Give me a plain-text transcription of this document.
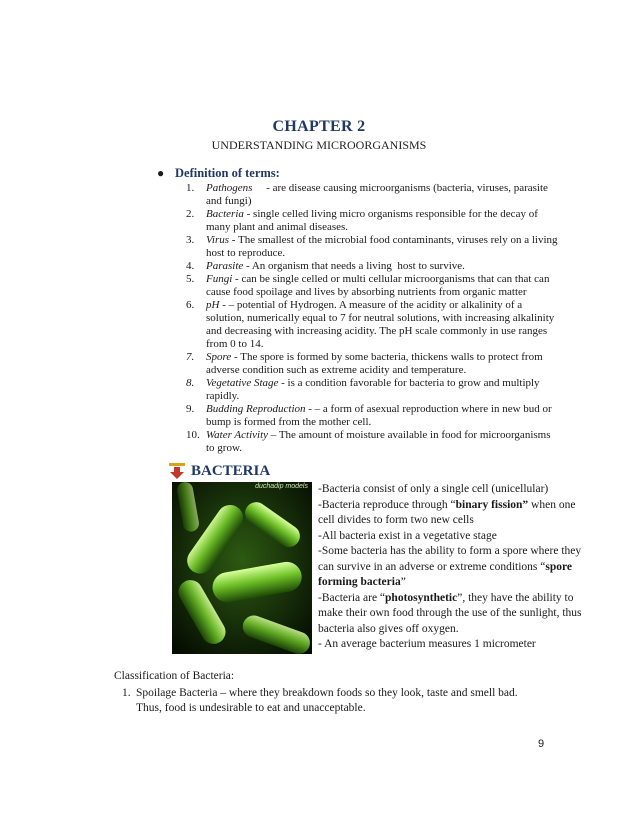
CHAPTER 2
UNDERSTANDING MICROORGANISMS
● Definition of terms:
1. Pathogens     - are disease causing microorganisms (bacteria, viruses, parasite and fungi)
2. Bacteria - single celled living micro organisms responsible for the decay of many plant and animal diseases.
3. Virus - The smallest of the microbial food contaminants, viruses rely on a living host to reproduce.
4. Parasite - An organism that needs a living  host to survive.
5. Fungi - can be single celled or multi cellular microorganisms that can that can cause food spoilage and lives by absorbing nutrients from organic matter
6. pH - – potential of Hydrogen. A measure of the acidity or alkalinity of a solution, numerically equal to 7 for neutral solutions, with increasing alkalinity and decreasing with increasing acidity. The pH scale commonly in use ranges from 0 to 14.
7. Spore - The spore is formed by some bacteria, thickens walls to protect from adverse condition such as extreme acidity and temperature.
8. Vegetative Stage - is a condition favorable for bacteria to grow and multiply rapidly.
9. Budding Reproduction - – a form of asexual reproduction where in new bud or bump is formed from the mother cell.
10. Water Activity – The amount of moisture available in food for microorganisms to grow.
BACTERIA
duchadip models -Bacteria consist of only a single cell (unicellular)

-Bacteria reproduce through “binary fission” when one cell divides to form two new cells

-All bacteria exist in a vegetative stage

-Some bacteria has the ability to form a spore where they can survive in an adverse or extreme conditions “spore forming bacteria”

-Bacteria are “photosynthetic”, they have the ability to make their own food through the use of the sunlight, thus bacteria also gives off oxygen.

- An average bacterium measures 1 micrometer

Classification of Bacteria:
1. Spoilage Bacteria – where they breakdown foods so they look, taste and smell bad. Thus, food is undesirable to eat and unacceptable.
9
